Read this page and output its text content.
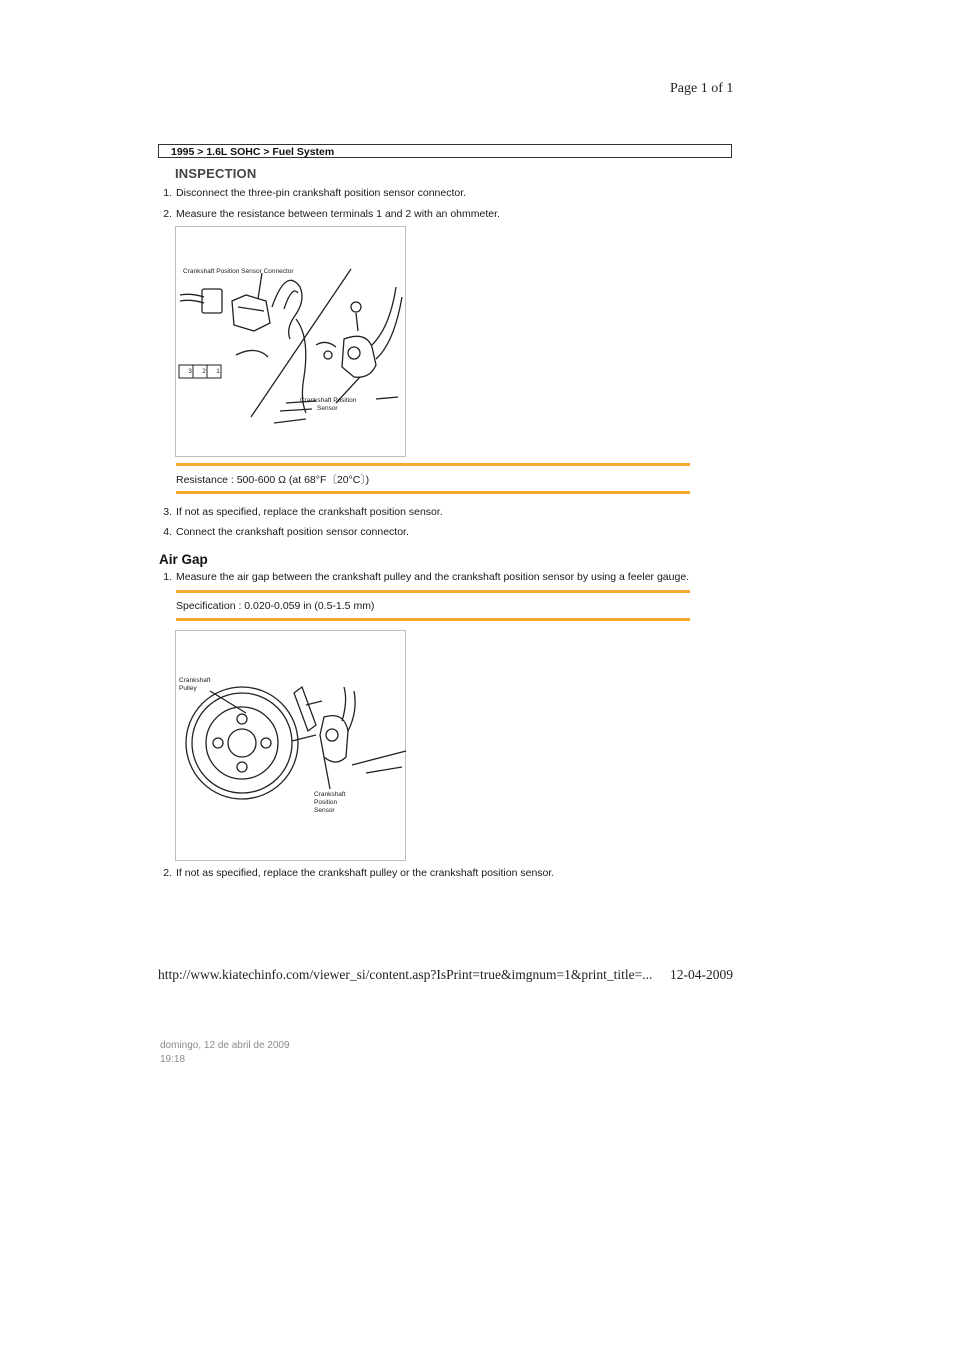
Page 1 of 1
1995 > 1.6L SOHC > Fuel System
INSPECTION
1. Disconnect the three-pin crankshaft position sensor connector.
2. Measure the resistance between terminals 1 and 2 with an ohmmeter.
Crankshaft Position Sensor Connector
3	2	1
Crankshaft Position
Sensor
Resistance : 500-600 Ω (at 68°F〔20°C〕)
3. If not as specified, replace the crankshaft position sensor.
4. Connect the crankshaft position sensor connector.
Air Gap
1. Measure the air gap between the crankshaft pulley and the crankshaft position sensor by using a feeler gauge.
Specification : 0.020-0.059 in (0.5-1.5 mm)
Crankshaft
Pulley
Crankshaft
Position
Sensor
2. If not as specified, replace the crankshaft pulley or the crankshaft position sensor.
http://www.kiatechinfo.com/viewer_si/content.asp?IsPrint=true&imgnum=1&print_title=... 12-04-2009
domingo, 12 de abril de 2009
19:18
